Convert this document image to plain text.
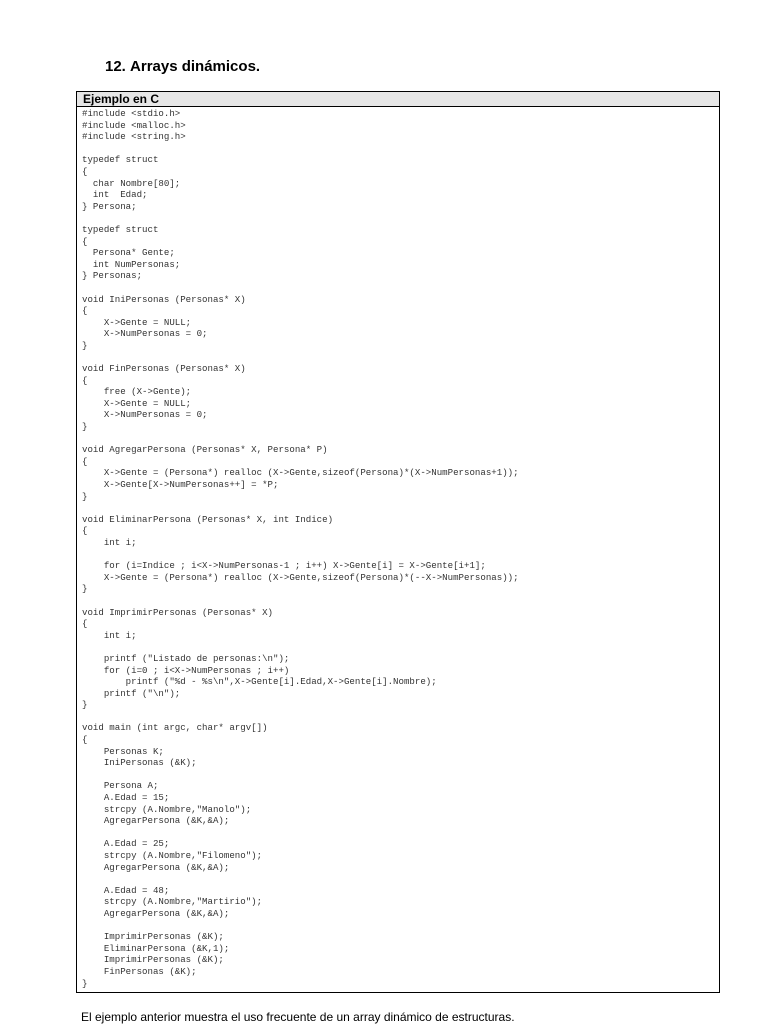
12. Arrays dinámicos.
Ejemplo en C
#include <stdio.h>
#include <malloc.h>
#include <string.h>
typedef struct
{
char Nombre[80];
int  Edad;
} Persona;
typedef struct
{
Persona* Gente;
int NumPersonas;
} Personas;
void IniPersonas (Personas* X)
{
X->Gente = NULL;
X->NumPersonas = 0;
}
void FinPersonas (Personas* X)
{
free (X->Gente);
X->Gente = NULL;
X->NumPersonas = 0;
}
void AgregarPersona (Personas* X, Persona* P)
{
X->Gente = (Persona*) realloc (X->Gente,sizeof(Persona)*(X->NumPersonas+1));
X->Gente[X->NumPersonas++] = *P;
}
void EliminarPersona (Personas* X, int Indice)
{
int i;
for (i=Indice ; i<X->NumPersonas-1 ; i++) X->Gente[i] = X->Gente[i+1];
X->Gente = (Persona*) realloc (X->Gente,sizeof(Persona)*(--X->NumPersonas));
}
void ImprimirPersonas (Personas* X)
{
int i;
printf ("Listado de personas:\n");
for (i=0 ; i<X->NumPersonas ; i++)
printf ("%d - %s\n",X->Gente[i].Edad,X->Gente[i].Nombre);
printf ("\n");
}
void main (int argc, char* argv[])
{
Personas K;
IniPersonas (&K);
Persona A;
A.Edad = 15;
strcpy (A.Nombre,"Manolo");
AgregarPersona (&K,&A);
A.Edad = 25;
strcpy (A.Nombre,"Filomeno");
AgregarPersona (&K,&A);
A.Edad = 48;
strcpy (A.Nombre,"Martirio");
AgregarPersona (&K,&A);
ImprimirPersonas (&K);
EliminarPersona (&K,1);
ImprimirPersonas (&K);
FinPersonas (&K);
}
El ejemplo anterior muestra el uso frecuente de un array dinámico de estructuras.
